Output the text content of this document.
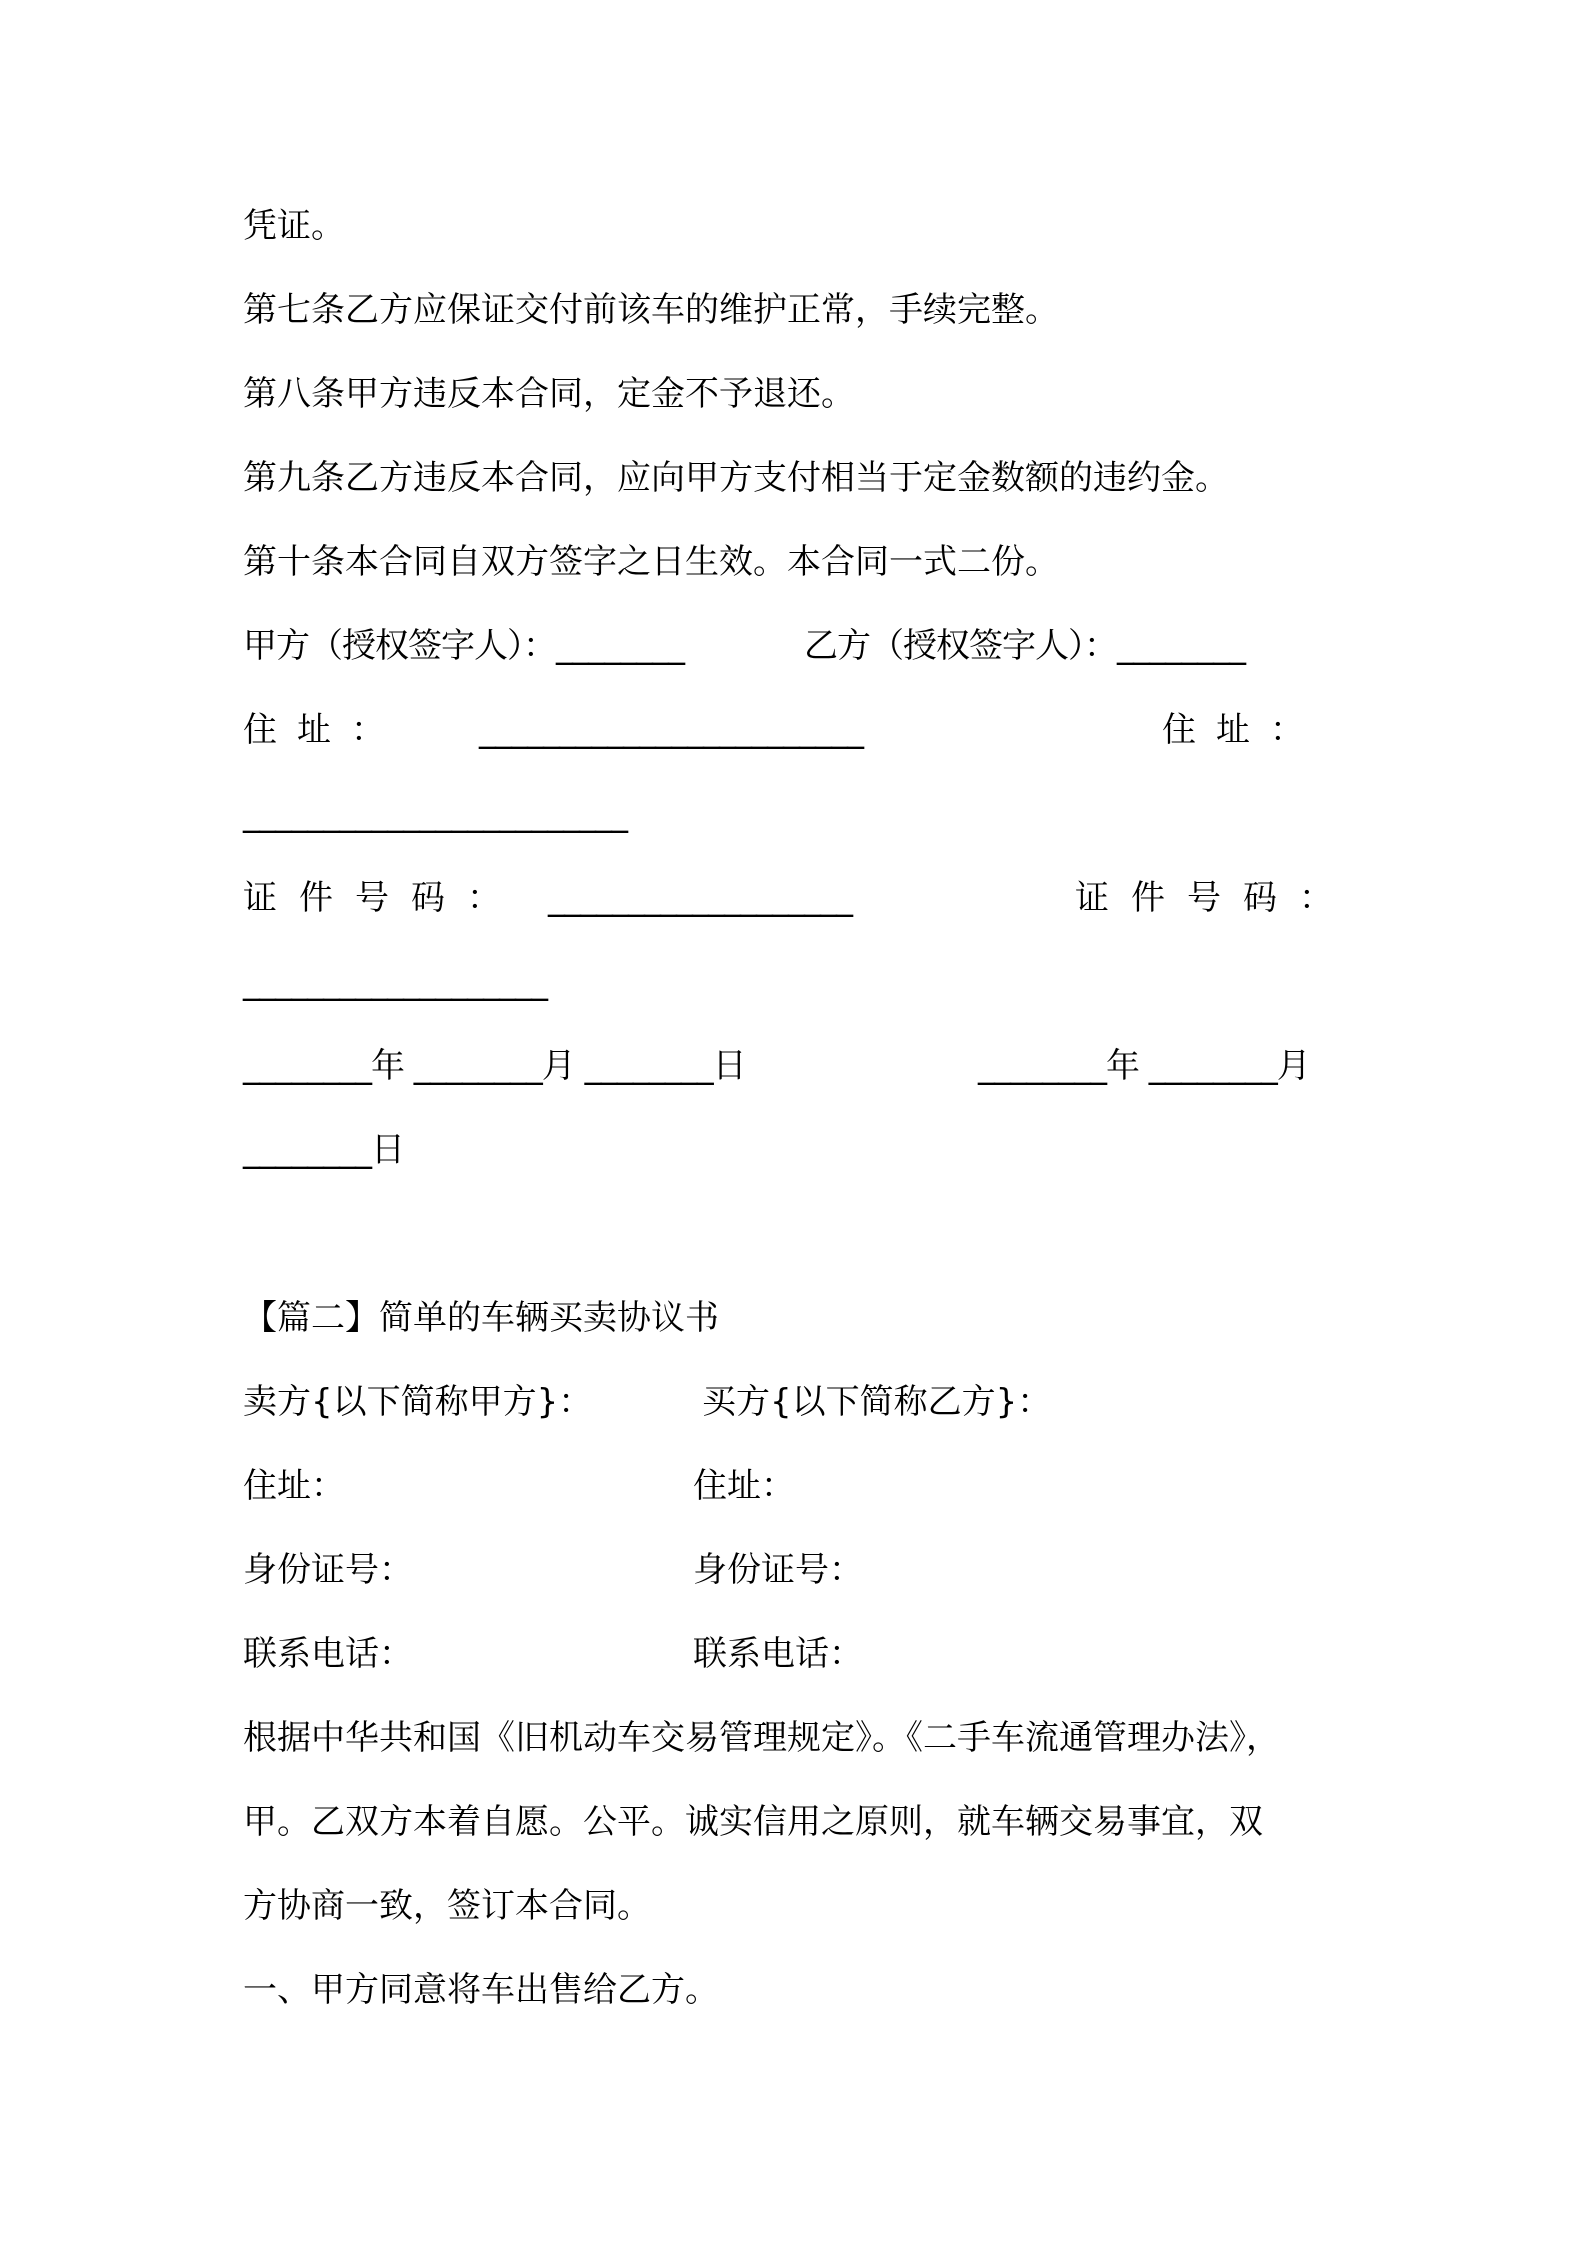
凭证。
第七条乙方应保证交付前该车的维护正常，手续完整。
第八条甲方违反本合同，定金不予退还。
第九条乙方违反本合同，应向甲方支付相当于定金数额的违约金。
第十条本合同自双方签字之日生效。本合同一式二份。
甲方（授权签字人）：________	乙方（授权签字人）：________
住址： ________________________	住址：
________________________
证件号码： ___________________	证件号码：
___________________
________年 ________月 ________日	________年 ________月
________日
【篇二】简单的车辆买卖协议书
卖方{以下简称甲方}：	买方{以下简称乙方}：
住址：	住址：
身份证号：	身份证号：
联系电话：	联系电话：
根据中华共和国《旧机动车交易管理规定》。《二手车流通管理办法》，
甲。乙双方本着自愿。公平。诚实信用之原则，就车辆交易事宜，双
方协商一致，签订本合同。
一、甲方同意将车出售给乙方。
